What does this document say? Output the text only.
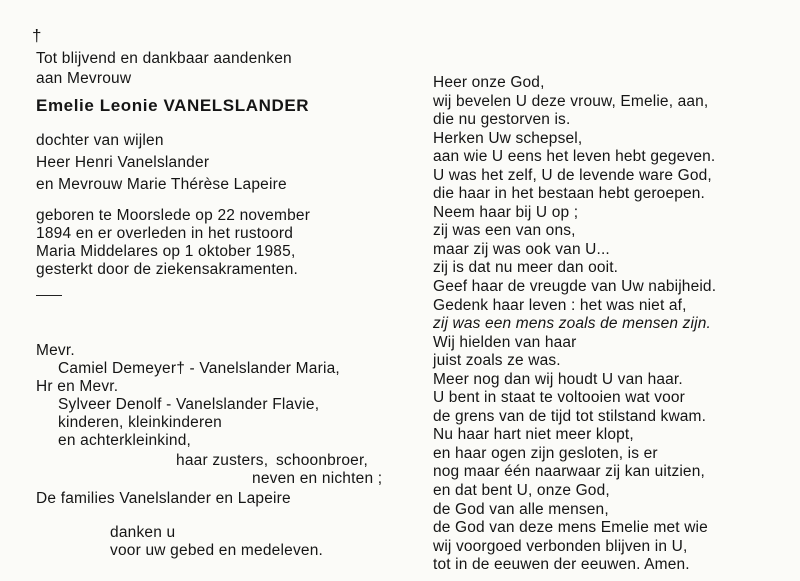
†
Tot blijvend en dankbaar aandenken
aan Mevrouw
Emelie Leonie VANELSLANDER
dochter van wijlen
Heer Henri Vanelslander
en Mevrouw Marie Thérèse Lapeire
geboren te Moorslede op 22 november
1894 en er overleden in het rustoord
Maria Middelares op 1 oktober 1985,
gesterkt door de ziekensakramenten.
Mevr.
Camiel Demeyer† - Vanelslander Maria,
Hr en Mevr.
Sylveer Denolf - Vanelslander Flavie,
kinderen, kleinkinderen
en achterkleinkind,
haar zusters, schoonbroer,
neven en nichten ;
De families Vanelslander en Lapeire
danken u
voor uw gebed en medeleven.
Heer onze God,
wij bevelen U deze vrouw, Emelie, aan,
die nu gestorven is.
Herken Uw schepsel,
aan wie U eens het leven hebt gegeven.
U was het zelf, U de levende ware God,
die haar in het bestaan hebt geroepen.
Neem haar bij U op ;
zij was een van ons,
maar zij was ook van U...
zij is dat nu meer dan ooit.
Geef haar de vreugde van Uw nabijheid.
Gedenk haar leven : het was niet af,
zij was een mens zoals de mensen zijn.
Wij hielden van haar
juist zoals ze was.
Meer nog dan wij houdt U van haar.
U bent in staat te voltooien wat voor
de grens van de tijd tot stilstand kwam.
Nu haar hart niet meer klopt,
en haar ogen zijn gesloten, is er
nog maar één naarwaar zij kan uitzien,
en dat bent U, onze God,
de God van alle mensen,
de God van deze mens Emelie met wie
wij voorgoed verbonden blijven in U,
tot in de eeuwen der eeuwen. Amen.
